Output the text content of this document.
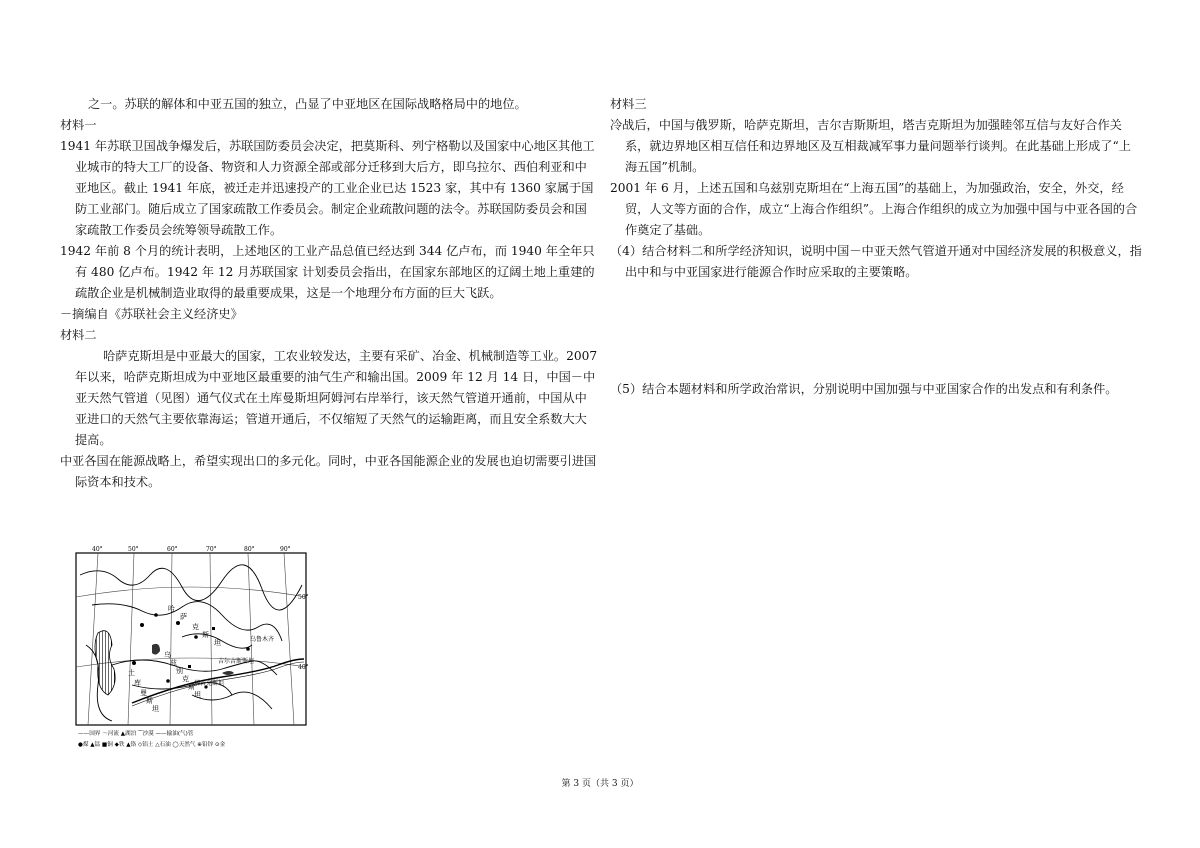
之一。苏联的解体和中亚五国的独立，凸显了中亚地区在国际战略格局中的地位。

材料一

1941 年苏联卫国战争爆发后，苏联国防委员会决定，把莫斯科、列宁格勒以及国家中心地区其他工业城市的特大工厂的设备、物资和人力资源全部或部分迁移到大后方，即乌拉尔、西伯利亚和中亚地区。截止 1941 年底，被迁走并迅速投产的工业企业已达 1523 家，其中有 1360 家属于国防工业部门。随后成立了国家疏散工作委员会。制定企业疏散问题的法令。苏联国防委员会和国家疏散工作委员会统筹领导疏散工作。

1942 年前 8 个月的统计表明，上述地区的工业产品总值已经达到 344 亿卢布，而 1940 年全年只有 480 亿卢布。1942 年 12 月苏联国家 计划委员会指出，在国家东部地区的辽阔土地上重建的疏散企业是机械制造业取得的最重要成果，这是一个地理分布方面的巨大飞跃。

－摘编自《苏联社会主义经济史》

材料二

哈萨克斯坦是中亚最大的国家，工农业较发达，主要有采矿、冶金、机械制造等工业。2007 年以来，哈萨克斯坦成为中亚地区最重要的油气生产和输出国。2009 年 12 月 14 日，中国－中亚天然气管道（见图）通气仪式在土库曼斯坦阿姆河右岸举行，该天然气管道开通前，中国从中亚进口的天然气主要依靠海运；管道开通后，不仅缩短了天然气的运输距离，而且安全系数大大提高。

中亚各国在能源战略上，希望实现出口的多元化。同时，中亚各国能源企业的发展也迫切需要引进国际资本和技术。

40°	50°	60°	70°	80°	90°
50°
40°
哈
萨
克
斯
坦
乌
兹
别
克
斯
坦
土
库
曼
斯
坦
吉尔吉斯斯坦
塔吉克斯坦
乌鲁木齐
——国界 ～河流 ▲湖泊 ⁀沙漠 ——输油(气)管
●煤 ▲锰 ■铜 ◆铁 ▲铬 ◇铝土 △石油 ◯天然气 ⊕铅锌 ⊙金

材料三

冷战后，中国与俄罗斯，哈萨克斯坦，吉尔吉斯斯坦，塔吉克斯坦为加强睦邻互信与友好合作关系，就边界地区相互信任和边界地区及互相裁减军事力量问题举行谈判。在此基础上形成了“上海五国”机制。

2001 年 6 月，上述五国和乌兹别克斯坦在“上海五国”的基础上，为加强政治，安全，外交，经贸，人文等方面的合作，成立“上海合作组织”。上海合作组织的成立为加强中国与中亚各国的合作奠定了基础。

（4）结合材料二和所学经济知识，说明中国－中亚天然气管道开通对中国经济发展的积极意义，指出中和与中亚国家进行能源合作时应采取的主要策略。

（5）结合本题材料和所学政治常识，分别说明中国加强与中亚国家合作的出发点和有利条件。

第 3 页（共 3 页）
